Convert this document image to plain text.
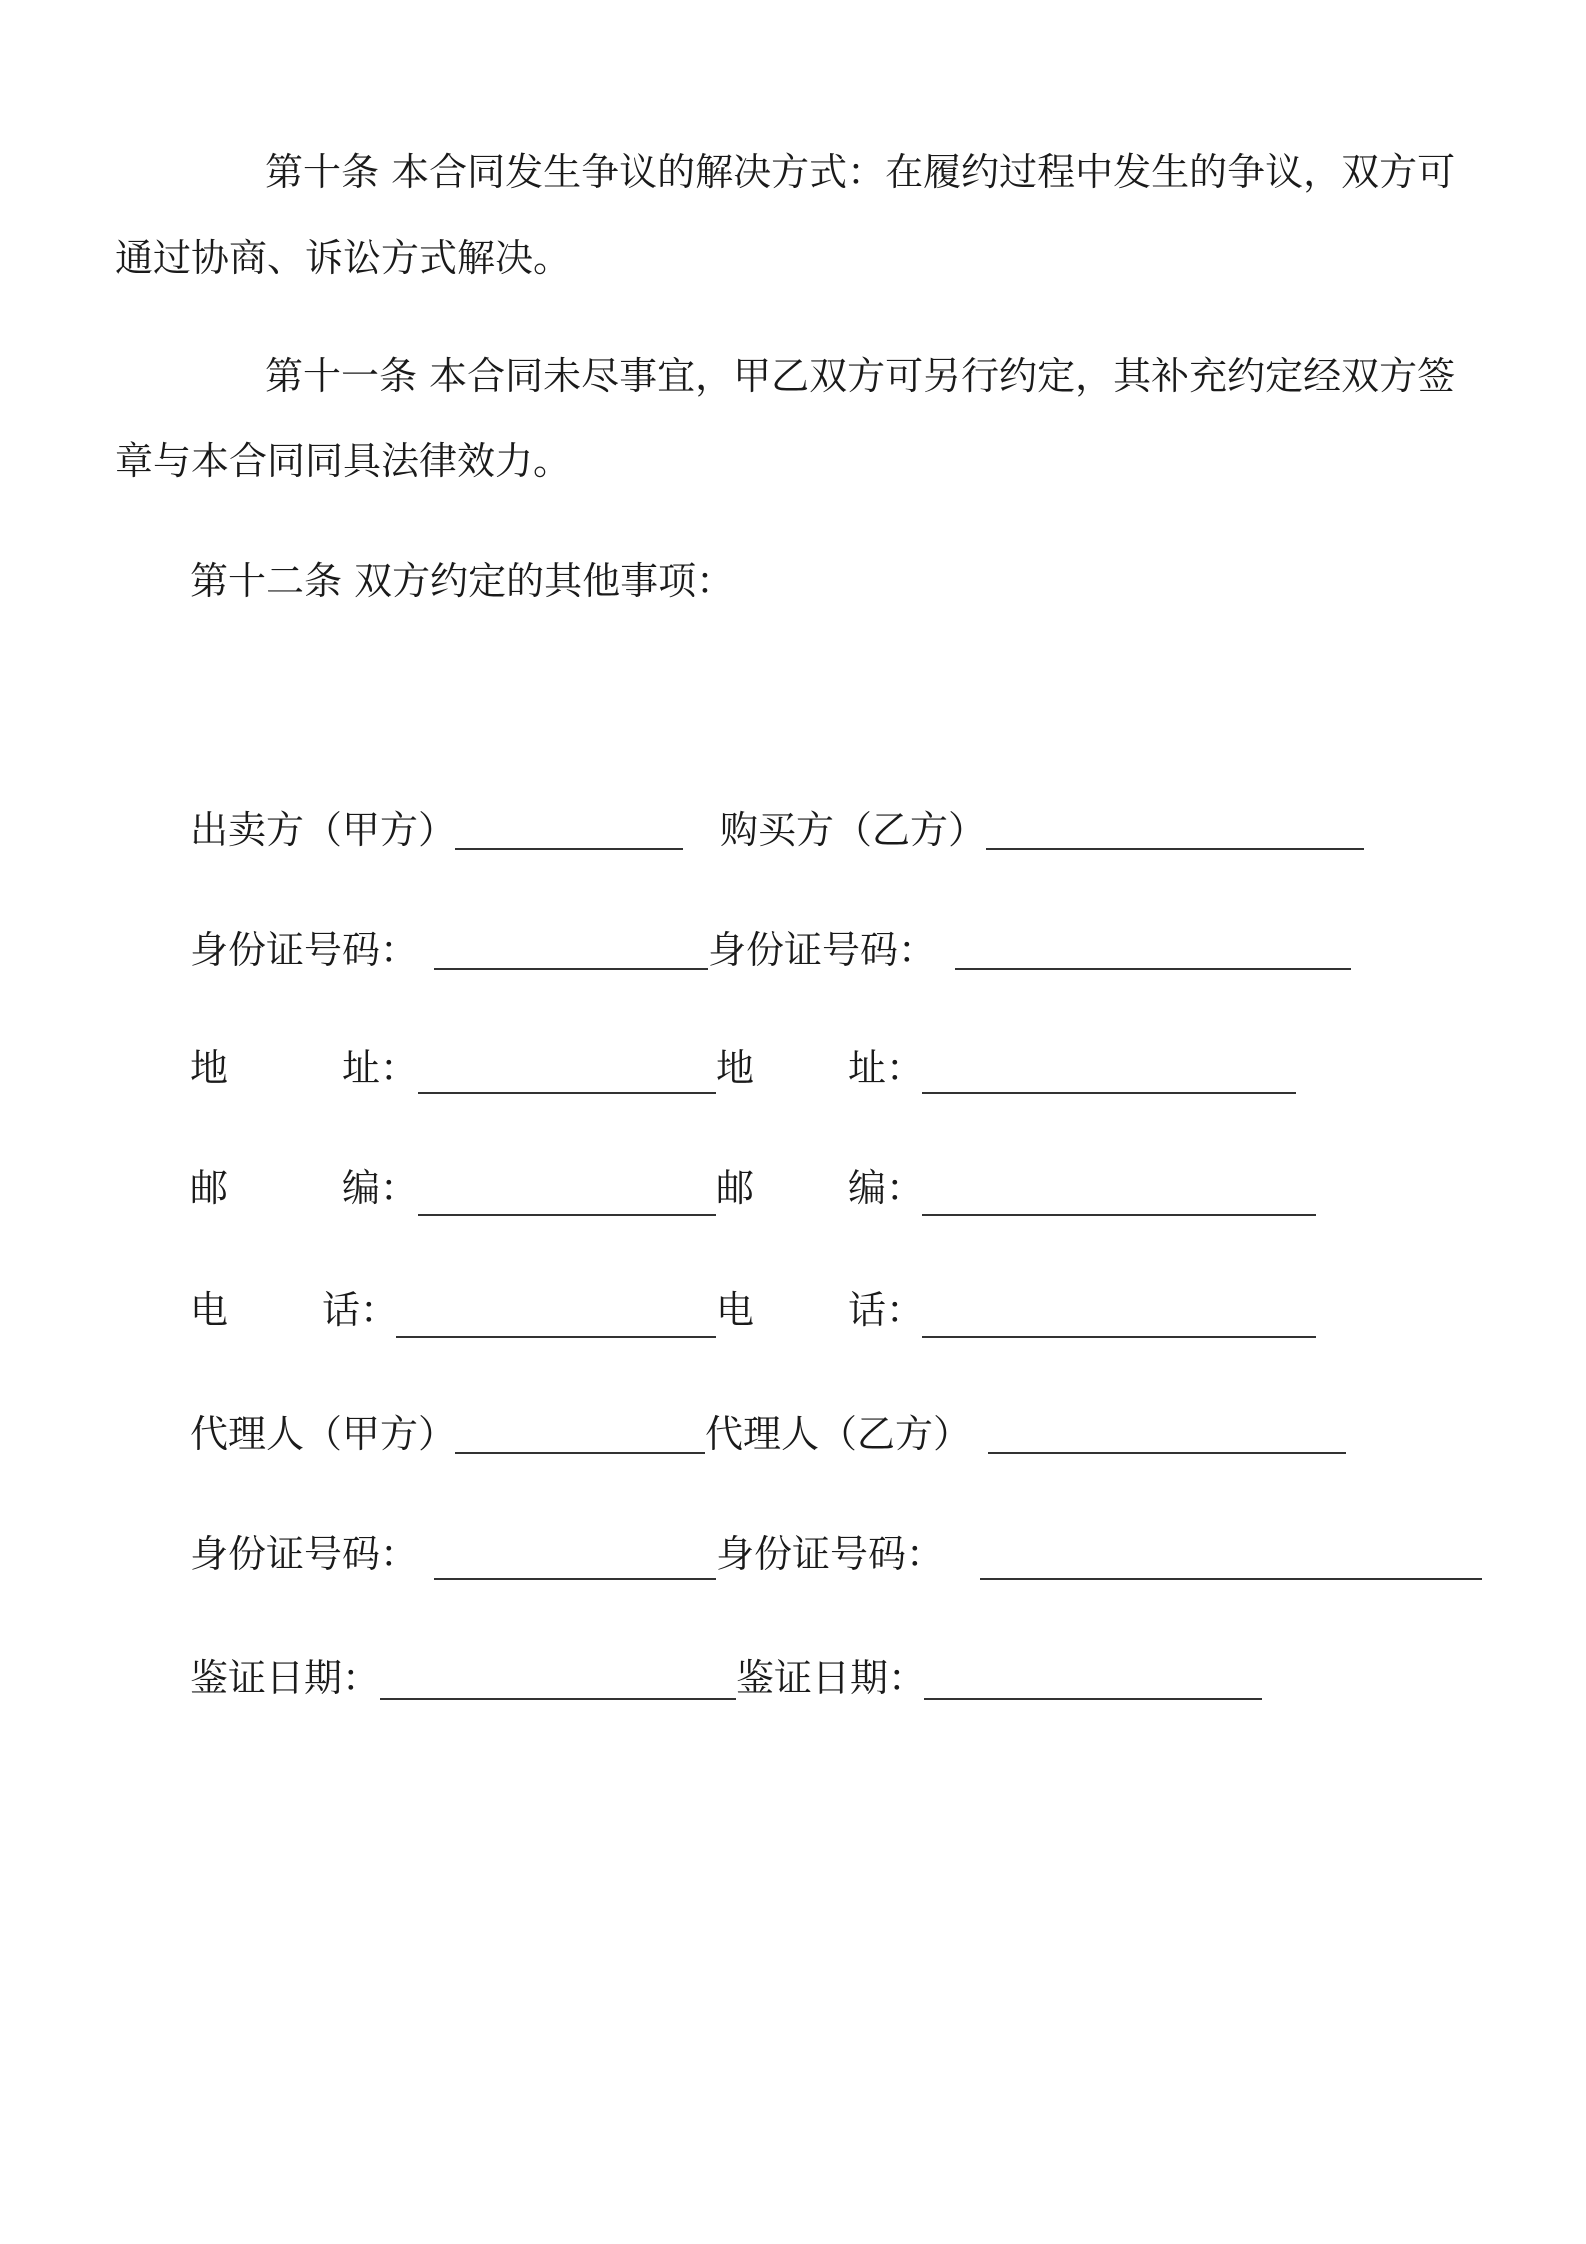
第十条 本合同发生争议的解决方式：在履约过程中发生的争议，双方可
通过协商、诉讼方式解决。
第十一条 本合同未尽事宜，甲乙双方可另行约定，其补充约定经双方签
章与本合同同具法律效力。
第十二条 双方约定的其他事项：
出卖方（甲方）	购买方（乙方）
身份证号码：	身份证号码：
地	址：	地 址：
邮	编：	邮 编：
电 话：	电 话：
代理人（甲方）	代理人（乙方）
身份证号码：	身份证号码：
鉴证日期：	鉴证日期：
